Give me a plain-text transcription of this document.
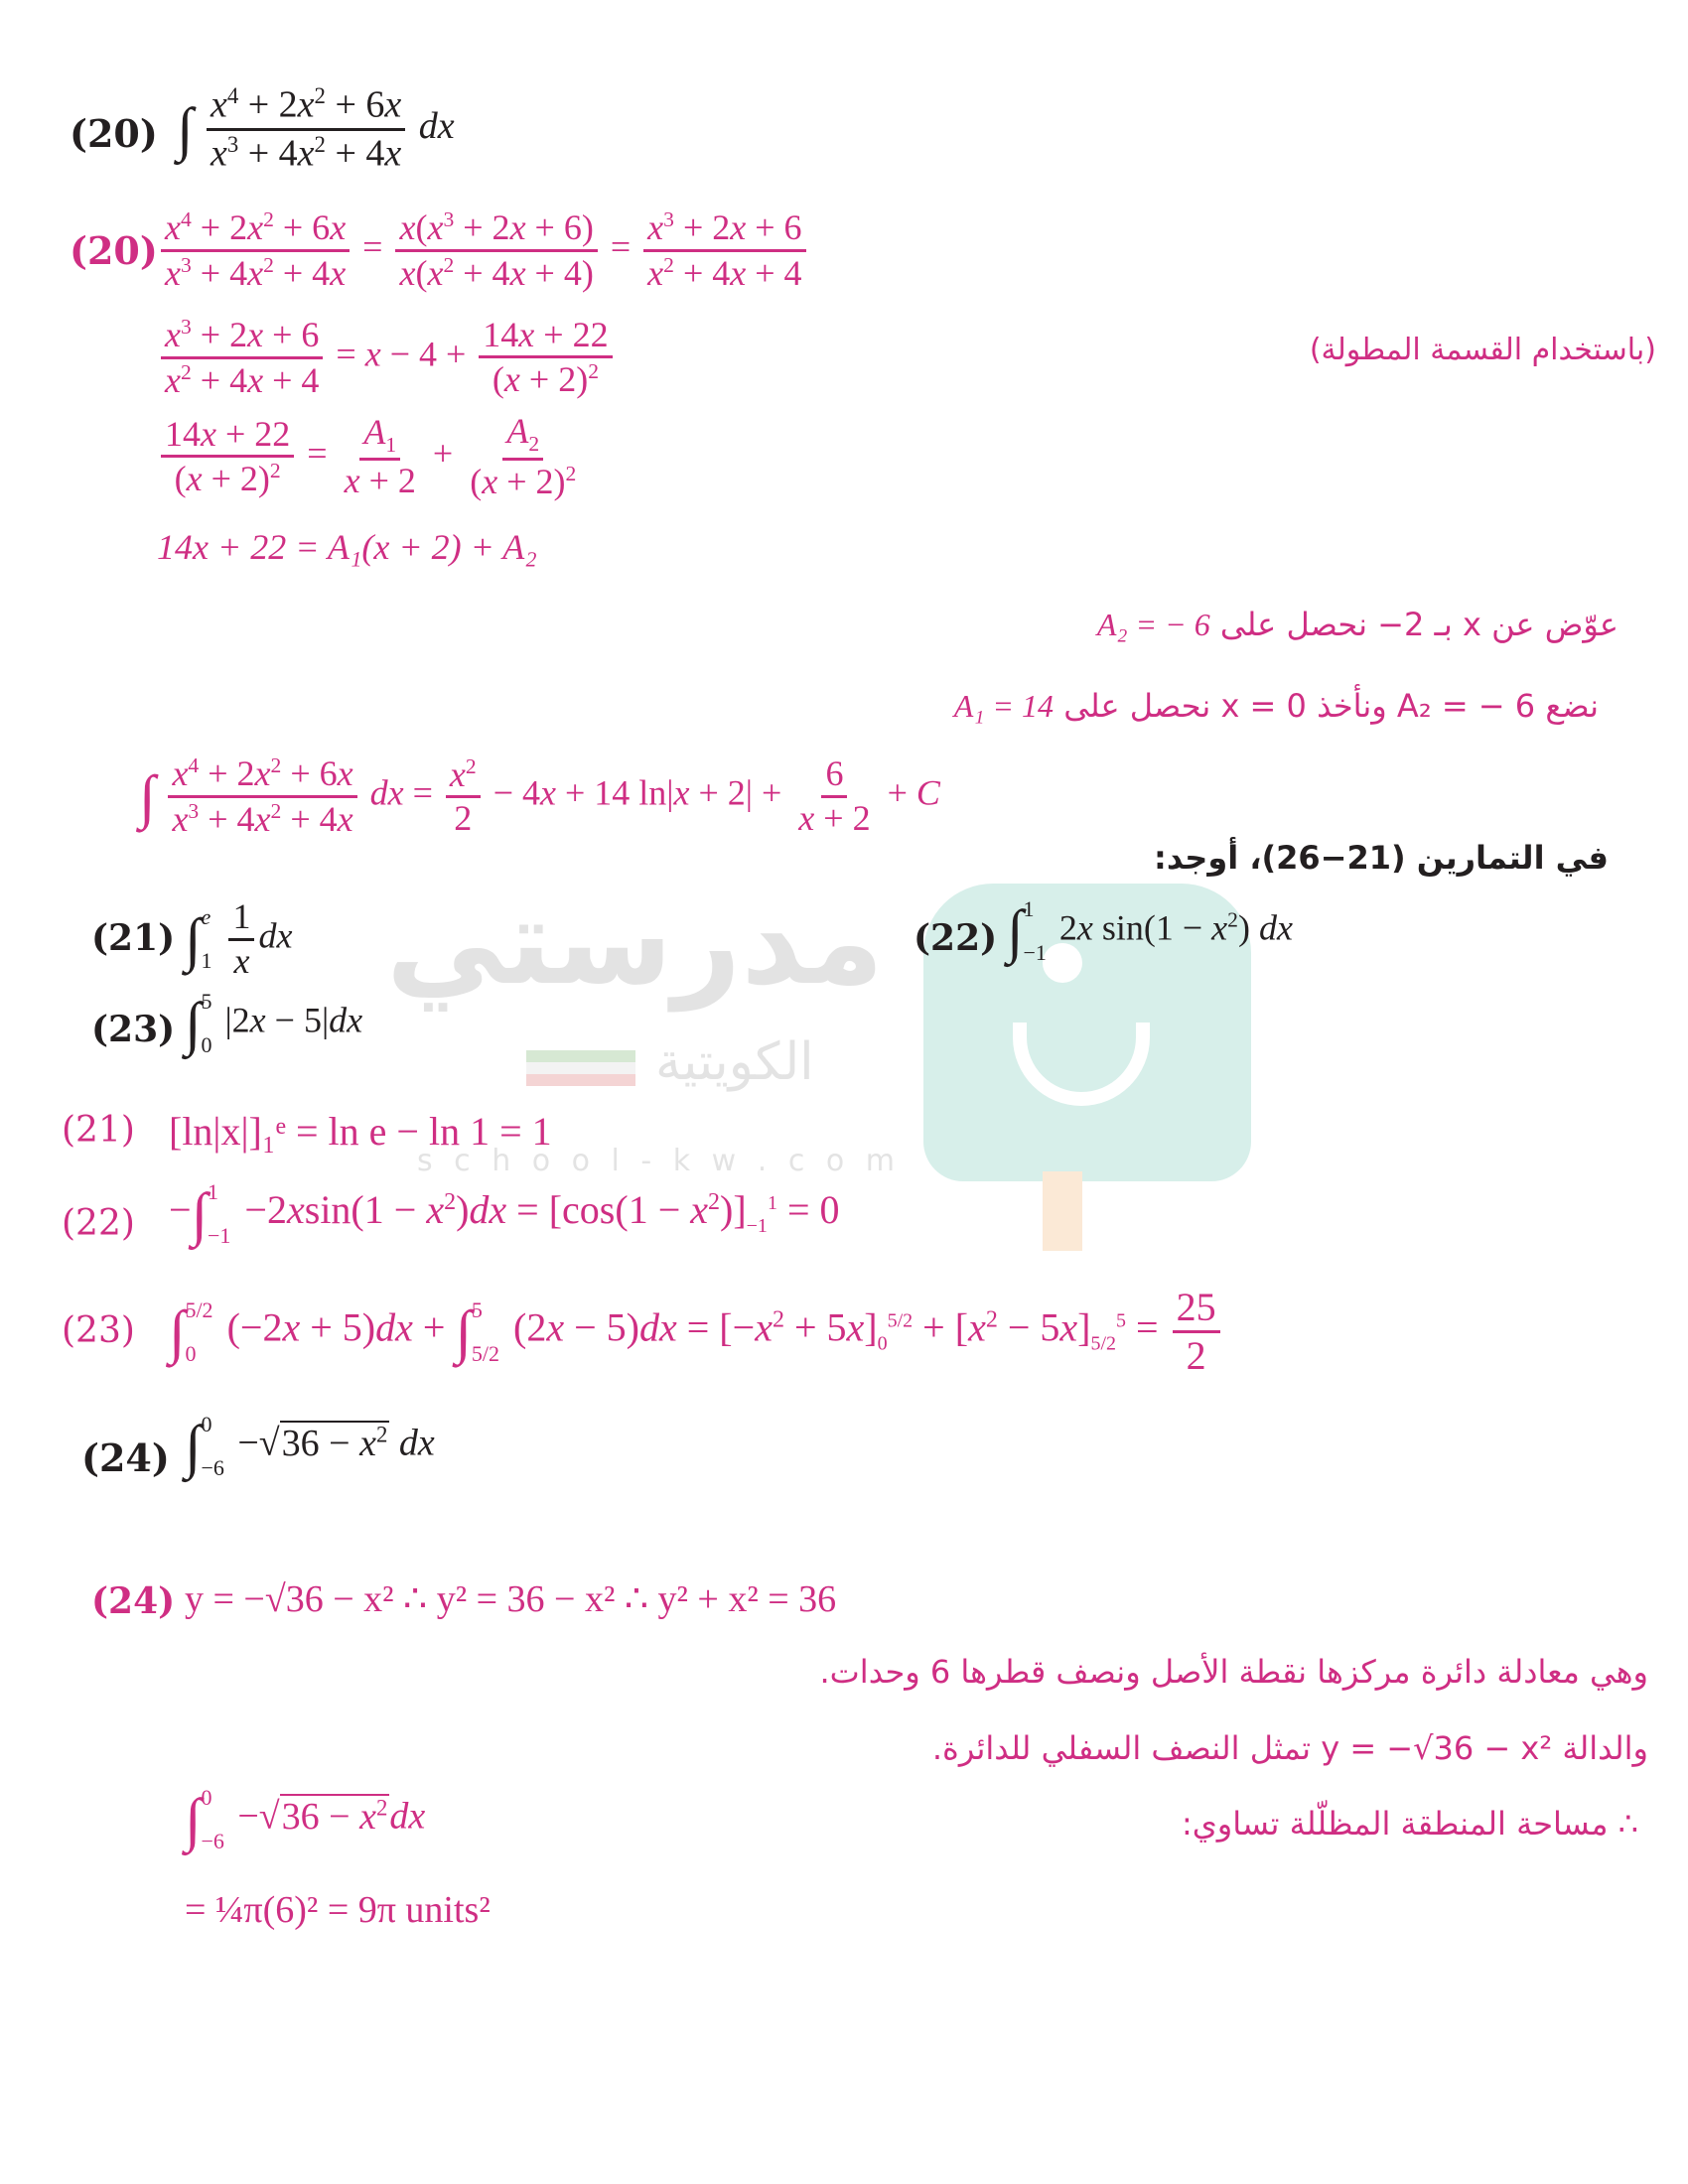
مدرستي
الكويتية
s c h o o l - k w . c o m
(20) ∫ $\frac{x^4 + 2x^2 + 6x}{x^3 + 4x^2 + 4x}$ dx
$(20) \frac{x^4 + 2x^2 + 6x}{x^3 + 4x^2 + 4x} = \frac{x(x^3 + 2x + 6)}{x(x^2 + 4x + 4)} = \frac{x^3 + 2x + 6}{x^2 + 4x + 4}$
$\frac{x^3 + 2x + 6}{x^2 + 4x + 4} = x - 4 + \frac{14x + 22}{(x + 2)^2}$	(باستخدام القسمة المطولة)
$\frac{14x + 22}{(x + 2)^2} = \frac{A_1}{x + 2} + \frac{A_2}{(x + 2)^2}$
14x + 22 = A₁(x + 2) + A₂
عوّض عن x بـ 2− نحصل على A₂ = − 6
نضع A₂ = − 6 ونأخذ x = 0 نحصل على A₁ = 14
∫ $\frac{x^4 + 2x^2 + 6x}{x^3 + 4x^2 + 4x}$ dx = $\frac{x^2}{2} - 4x + 14$ $\ln|x + 2| + \frac{6}{x + 2} + C$
في التمارين (21−26)، أوجد:
(21) ∫ e
1
$\frac{1}{x}$ dx	(22) ∫ 1
−1
2x $\sin(1 - x^2)$ dx
(23) ∫ 5
0
|2x − 5|dx
(21) [ln|x|]₁ᵉ = ln e − ln 1 = 1
(22) −∫ 1
−1
$-2xsin(1 - x^2)dx = [\cos(1 - x^2)]_{-1}^1 = 0$
(23) ∫ 5/2
0
(−2x + 5)dx + ∫ 5
5/2
$(2x - 5)dx = [-x^2 + 5x]_0^{5/2} + [x^2 - 5x]_{5/2}^5 = \frac{25}{2}$
(24) ∫ 0
−6
$-√36 - x^2$ dx
(24) y = −√36 − x² ∴ y² = 36 − x² ∴ y² + x² = 36
وهي معادلة دائرة مركزها نقطة الأصل ونصف قطرها 6 وحدات.
والدالة y = −√36 − x² تمثل النصف السفلي للدائرة.
∴ مساحة المنطقة المظلّلة تساوي:
∫ 0
−6
$-√36 - x^2dx$
= ¼π(6)² = 9π units²
